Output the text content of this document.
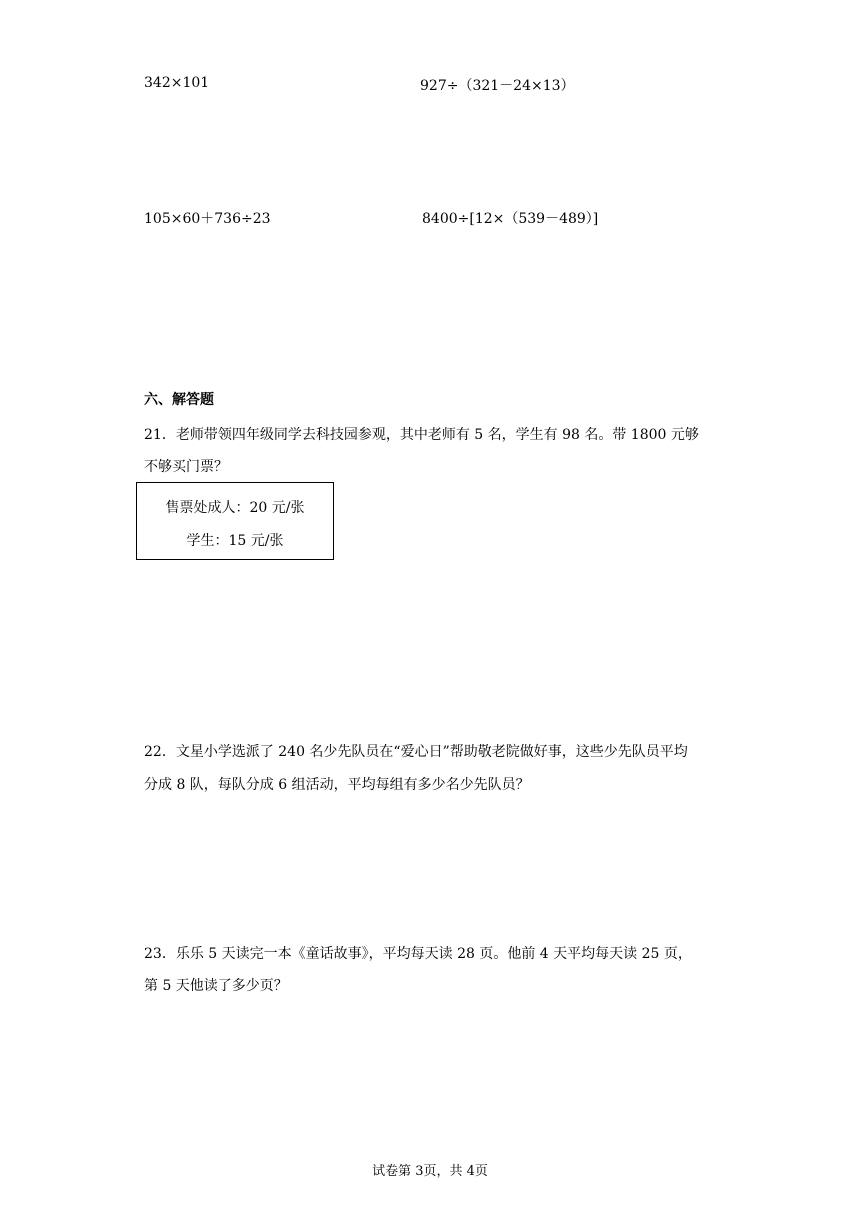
342×101	927÷（321－24×13）
105×60＋736÷23	8400÷[12×（539－489）]
六、解答题
21．老师带领四年级同学去科技园参观，其中老师有 5 名，学生有 98 名。带 1800 元够
不够买门票？
售票处成人：20 元/张
学生：15 元/张
22．文星小学选派了 240 名少先队员在“爱心日”帮助敬老院做好事，这些少先队员平均
分成 8 队，每队分成 6 组活动，平均每组有多少名少先队员？
23．乐乐 5 天读完一本《童话故事》，平均每天读 28 页。他前 4 天平均每天读 25 页，
第 5 天他读了多少页？
试卷第 3页，共 4页
